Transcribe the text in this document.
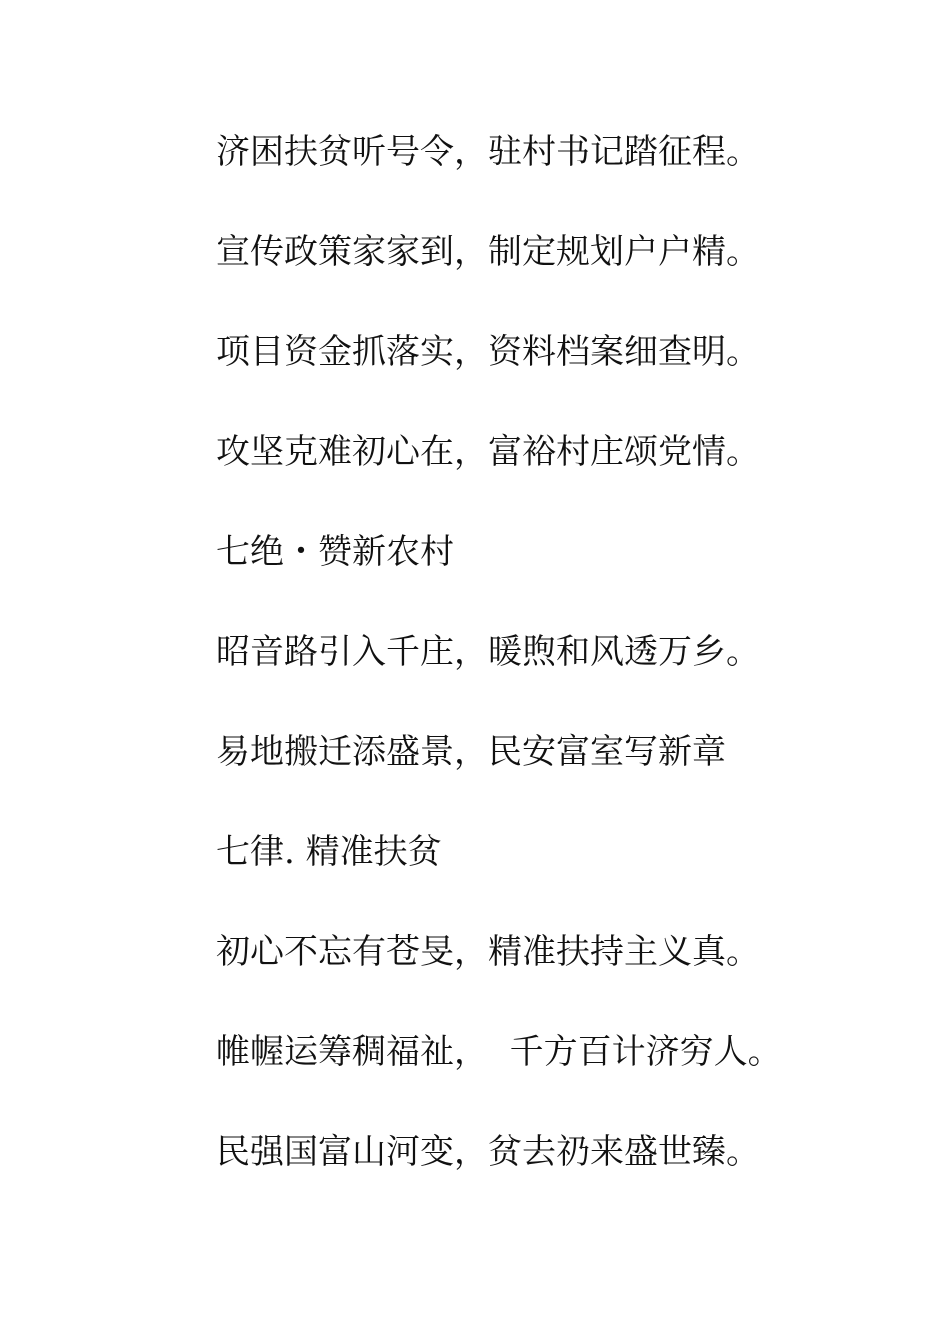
济困扶贫听号令，驻村书记踏征程。
宣传政策家家到，制定规划户户精。
项目资金抓落实，资料档案细查明。
攻坚克难初心在，富裕村庄颂党情。
七绝・赞新农村
昭音路引入千庄，暖煦和风透万乡。
易地搬迁添盛景，民安富室写新章
七律. 精准扶贫
初心不忘有苍旻，精准扶持主义真。
帷幄运筹稠福祉，  千方百计济穷人。
民强国富山河变，贫去礽来盛世臻。
